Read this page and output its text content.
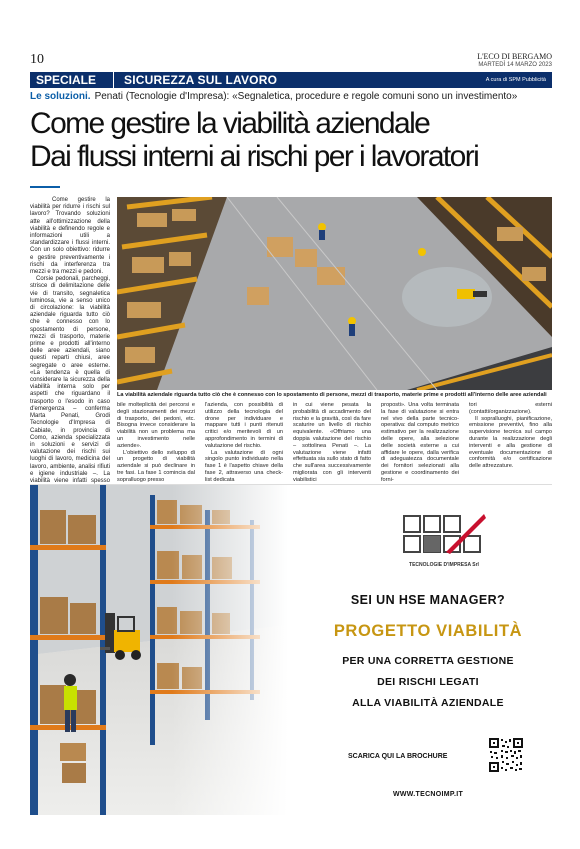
10	L'ECO DI BERGAMO
MARTEDÌ 14 MARZO 2023
SPECIALE	SICUREZZA SUL LAVORO	A cura di SPM Pubblicità
Le soluzioni. Penati (Tecnologie d'Impresa): «Segnaletica, procedure e regole comuni sono un investimento»
Come gestire la viabilità aziendale
Dai flussi interni ai rischi per i lavoratori

Come gestire la viabilità per ridurre i rischi sul lavoro? Trovando soluzioni atte all'ottimizzazione della viabilità e definendo regole e informazioni utili a standardizzare i flussi interni. Con un solo obiettivo: ridurre e gestire preventivamente i rischi da interferenza tra mezzi e tra mezzi e pedoni.

Corsie pedonali, parcheggi, strisce di delimitazione delle vie di transito, segnaletica luminosa, vie a senso unico di circolazione: la viabilità aziendale riguarda tutto ciò che è connesso con lo spostamento di persone, mezzi di trasporto, materie prime e prodotti all'interno delle aree aziendali, siano questi reparti chiusi, aree segregate o aree esterne. «La tendenza è quella di considerare la sicurezza della viabilità interna solo per aspetti che riguardano il trasporto o l'esodo in caso d'emergenza – conferma Marta Penati, Grodi Tecnologie d'Impresa di Cabiate, in provincia di Como, azienda specializzata in soluzioni e servizi di valutazione dei rischi sui luoghi di lavoro, medicina del lavoro, ambiente, analisi rifiuti e igiene industriale –. La viabilità viene infatti spesso

La viabilità aziendale riguarda tutto ciò che è connesso con lo spostamento di persone, mezzi di trasporto, materie prime e prodotti all'interno delle aree aziendali
bile molteplicità dei percorsi e degli stazionamenti dei mezzi di trasporto, dei pedoni, etc. Bisogna invece considerare la viabilità non un problema ma un investimento nelle aziende».

L'obiettivo dello sviluppo di un progetto di viabilità aziendale si può declinare in tre fasi. La fase 1 comincia dal sopralluogo presso
l'azienda, con possibilità di utilizzo della tecnologia del drone per individuare e mappare tutti i punti ritenuti critici e/o meritevoli di un approfondimento in termini di valutazione del rischio.

La valutazione di ogni singolo punto individuato nella fase 1 è l'aspetto chiave della fase 2, attraverso una check-list dedicata
in cui viene pesata la probabilità di accadimento del rischio e la gravità, così da fare scaturire un livello di rischio equivalente. «Offriamo una doppia valutazione del rischio – sottolinea Penati –. La valutazione viene infatti effettuata sia sullo stato di fatto che sull'area successivamente migliorata con gli interventi viabilistici
proposti». Una volta terminata la fase di valutazione si entra nel vivo della parte tecnico-operativa: dal computo metrico estimativo per la realizzazione delle opere, alla selezione delle società esterne a cui affidare le opere, dalla verifica di adeguatezza documentale dei fornitori selezionati alla gestione e coordinamento dei forni-
tori esterni (contatti/organizzazione).

Il sopralluoghi, pianificazione, emissione preventivi, fino alla supervisione tecnica sul campo durante la realizzazione degli interventi e alla gestione di eventuale documentazione di conformità e/o certificazione delle attrezzature.
TECNOLOGIE D'IMPRESA Srl
SEI UN HSE MANAGER?
PROGETTO VIABILITÀ
PER UNA CORRETTA GESTIONE
DEI RISCHI LEGATI
ALLA VIABILITÀ AZIENDALE
SCARICA QUI LA BROCHURE
WWW.TECNOIMP.IT
